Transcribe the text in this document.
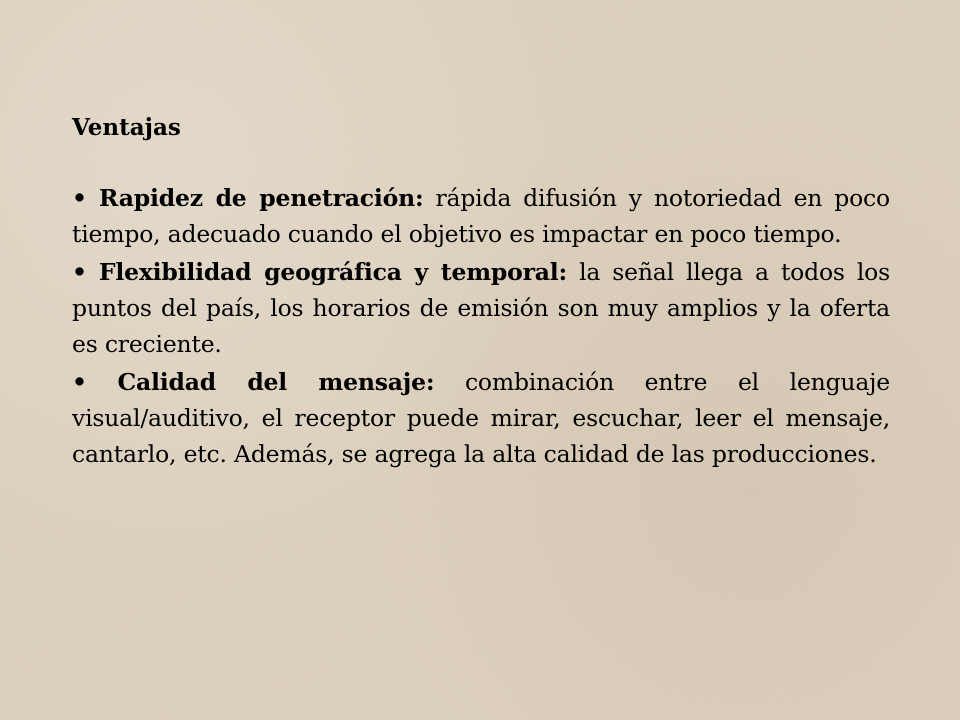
Ventajas

• Rapidez de penetración: rápida difusión y notoriedad en poco tiempo, adecuado cuando el objetivo es impactar en poco tiempo.

• Flexibilidad geográfica y temporal: la señal llega a todos los puntos del país, los horarios de emisión son muy amplios y la oferta es creciente.

• Calidad del mensaje: combinación entre el lenguaje visual/auditivo, el receptor puede mirar, escuchar, leer el mensaje, cantarlo, etc. Además, se agrega la alta calidad de las producciones.
